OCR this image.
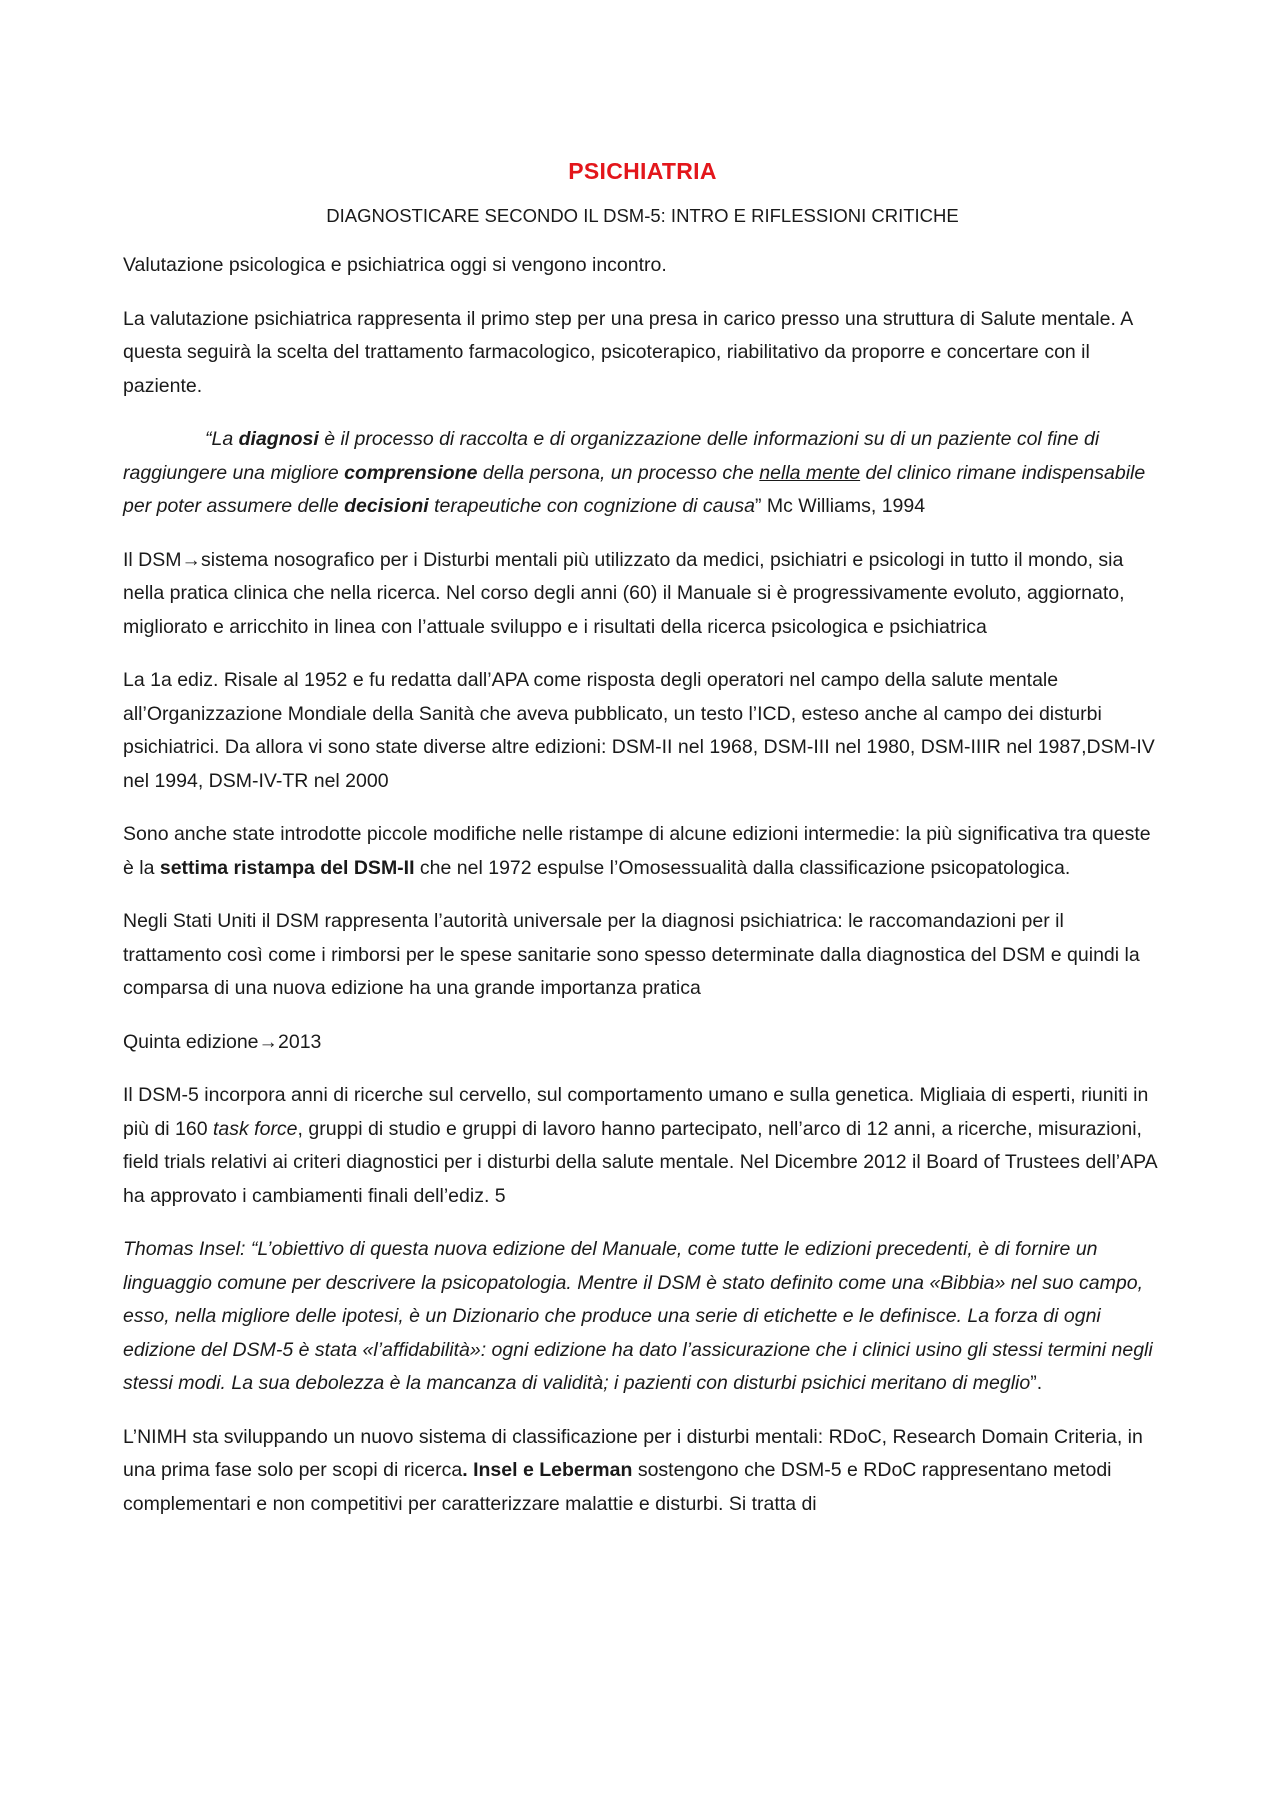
PSICHIATRIA
DIAGNOSTICARE SECONDO IL DSM-5: INTRO E RIFLESSIONI CRITICHE

Valutazione psicologica e psichiatrica oggi si vengono incontro.

La valutazione psichiatrica rappresenta il primo step per una presa in carico presso una struttura di Salute mentale. A questa seguirà la scelta del trattamento farmacologico, psicoterapico, riabilitativo da proporre e concertare con il paziente.

“La diagnosi è il processo di raccolta e di organizzazione delle informazioni su di un paziente col fine di raggiungere una migliore comprensione della persona, un processo che nella mente del clinico rimane indispensabile per poter assumere delle decisioni terapeutiche con cognizione di causa” Mc Williams, 1994

Il DSM→sistema nosografico per i Disturbi mentali più utilizzato da medici, psichiatri e psicologi in tutto il mondo, sia nella pratica clinica che nella ricerca. Nel corso degli anni (60) il Manuale si è progressivamente evoluto, aggiornato, migliorato e arricchito in linea con l’attuale sviluppo e i risultati della ricerca psicologica e psichiatrica

La 1a ediz. Risale al 1952 e fu redatta dall’APA come risposta degli operatori nel campo della salute mentale all’Organizzazione Mondiale della Sanità che aveva pubblicato, un testo l’ICD, esteso anche al campo dei disturbi psichiatrici. Da allora vi sono state diverse altre edizioni: DSM-II nel 1968, DSM-III nel 1980, DSM-IIIR nel 1987,DSM-IV nel 1994, DSM-IV-TR nel 2000

Sono anche state introdotte piccole modifiche nelle ristampe di alcune edizioni intermedie: la più significativa tra queste è la settima ristampa del DSM-II che nel 1972 espulse l’Omosessualità dalla classificazione psicopatologica.

Negli Stati Uniti il DSM rappresenta l’autorità universale per la diagnosi psichiatrica: le raccomandazioni per il trattamento così come i rimborsi per le spese sanitarie sono spesso determinate dalla diagnostica del DSM e quindi la comparsa di una nuova edizione ha una grande importanza pratica

Quinta edizione→2013

Il DSM-5 incorpora anni di ricerche sul cervello, sul comportamento umano e sulla genetica. Migliaia di esperti, riuniti in più di 160 task force, gruppi di studio e gruppi di lavoro hanno partecipato, nell’arco di 12 anni, a ricerche, misurazioni, field trials relativi ai criteri diagnostici per i disturbi della salute mentale. Nel Dicembre 2012 il Board of Trustees dell’APA ha approvato i cambiamenti finali dell’ediz. 5

Thomas Insel: “L’obiettivo di questa nuova edizione del Manuale, come tutte le edizioni precedenti, è di fornire un linguaggio comune per descrivere la psicopatologia. Mentre il DSM è stato definito come una «Bibbia» nel suo campo, esso, nella migliore delle ipotesi, è un Dizionario che produce una serie di etichette e le definisce. La forza di ogni edizione del DSM-5 è stata «l’affidabilità»: ogni edizione ha dato l’assicurazione che i clinici usino gli stessi termini negli stessi modi. La sua debolezza è la mancanza di validità; i pazienti con disturbi psichici meritano di meglio”.

L’NIMH sta sviluppando un nuovo sistema di classificazione per i disturbi mentali: RDoC, Research Domain Criteria, in una prima fase solo per scopi di ricerca. Insel e Leberman sostengono che DSM-5 e RDoC rappresentano metodi complementari e non competitivi per caratterizzare malattie e disturbi. Si tratta di
